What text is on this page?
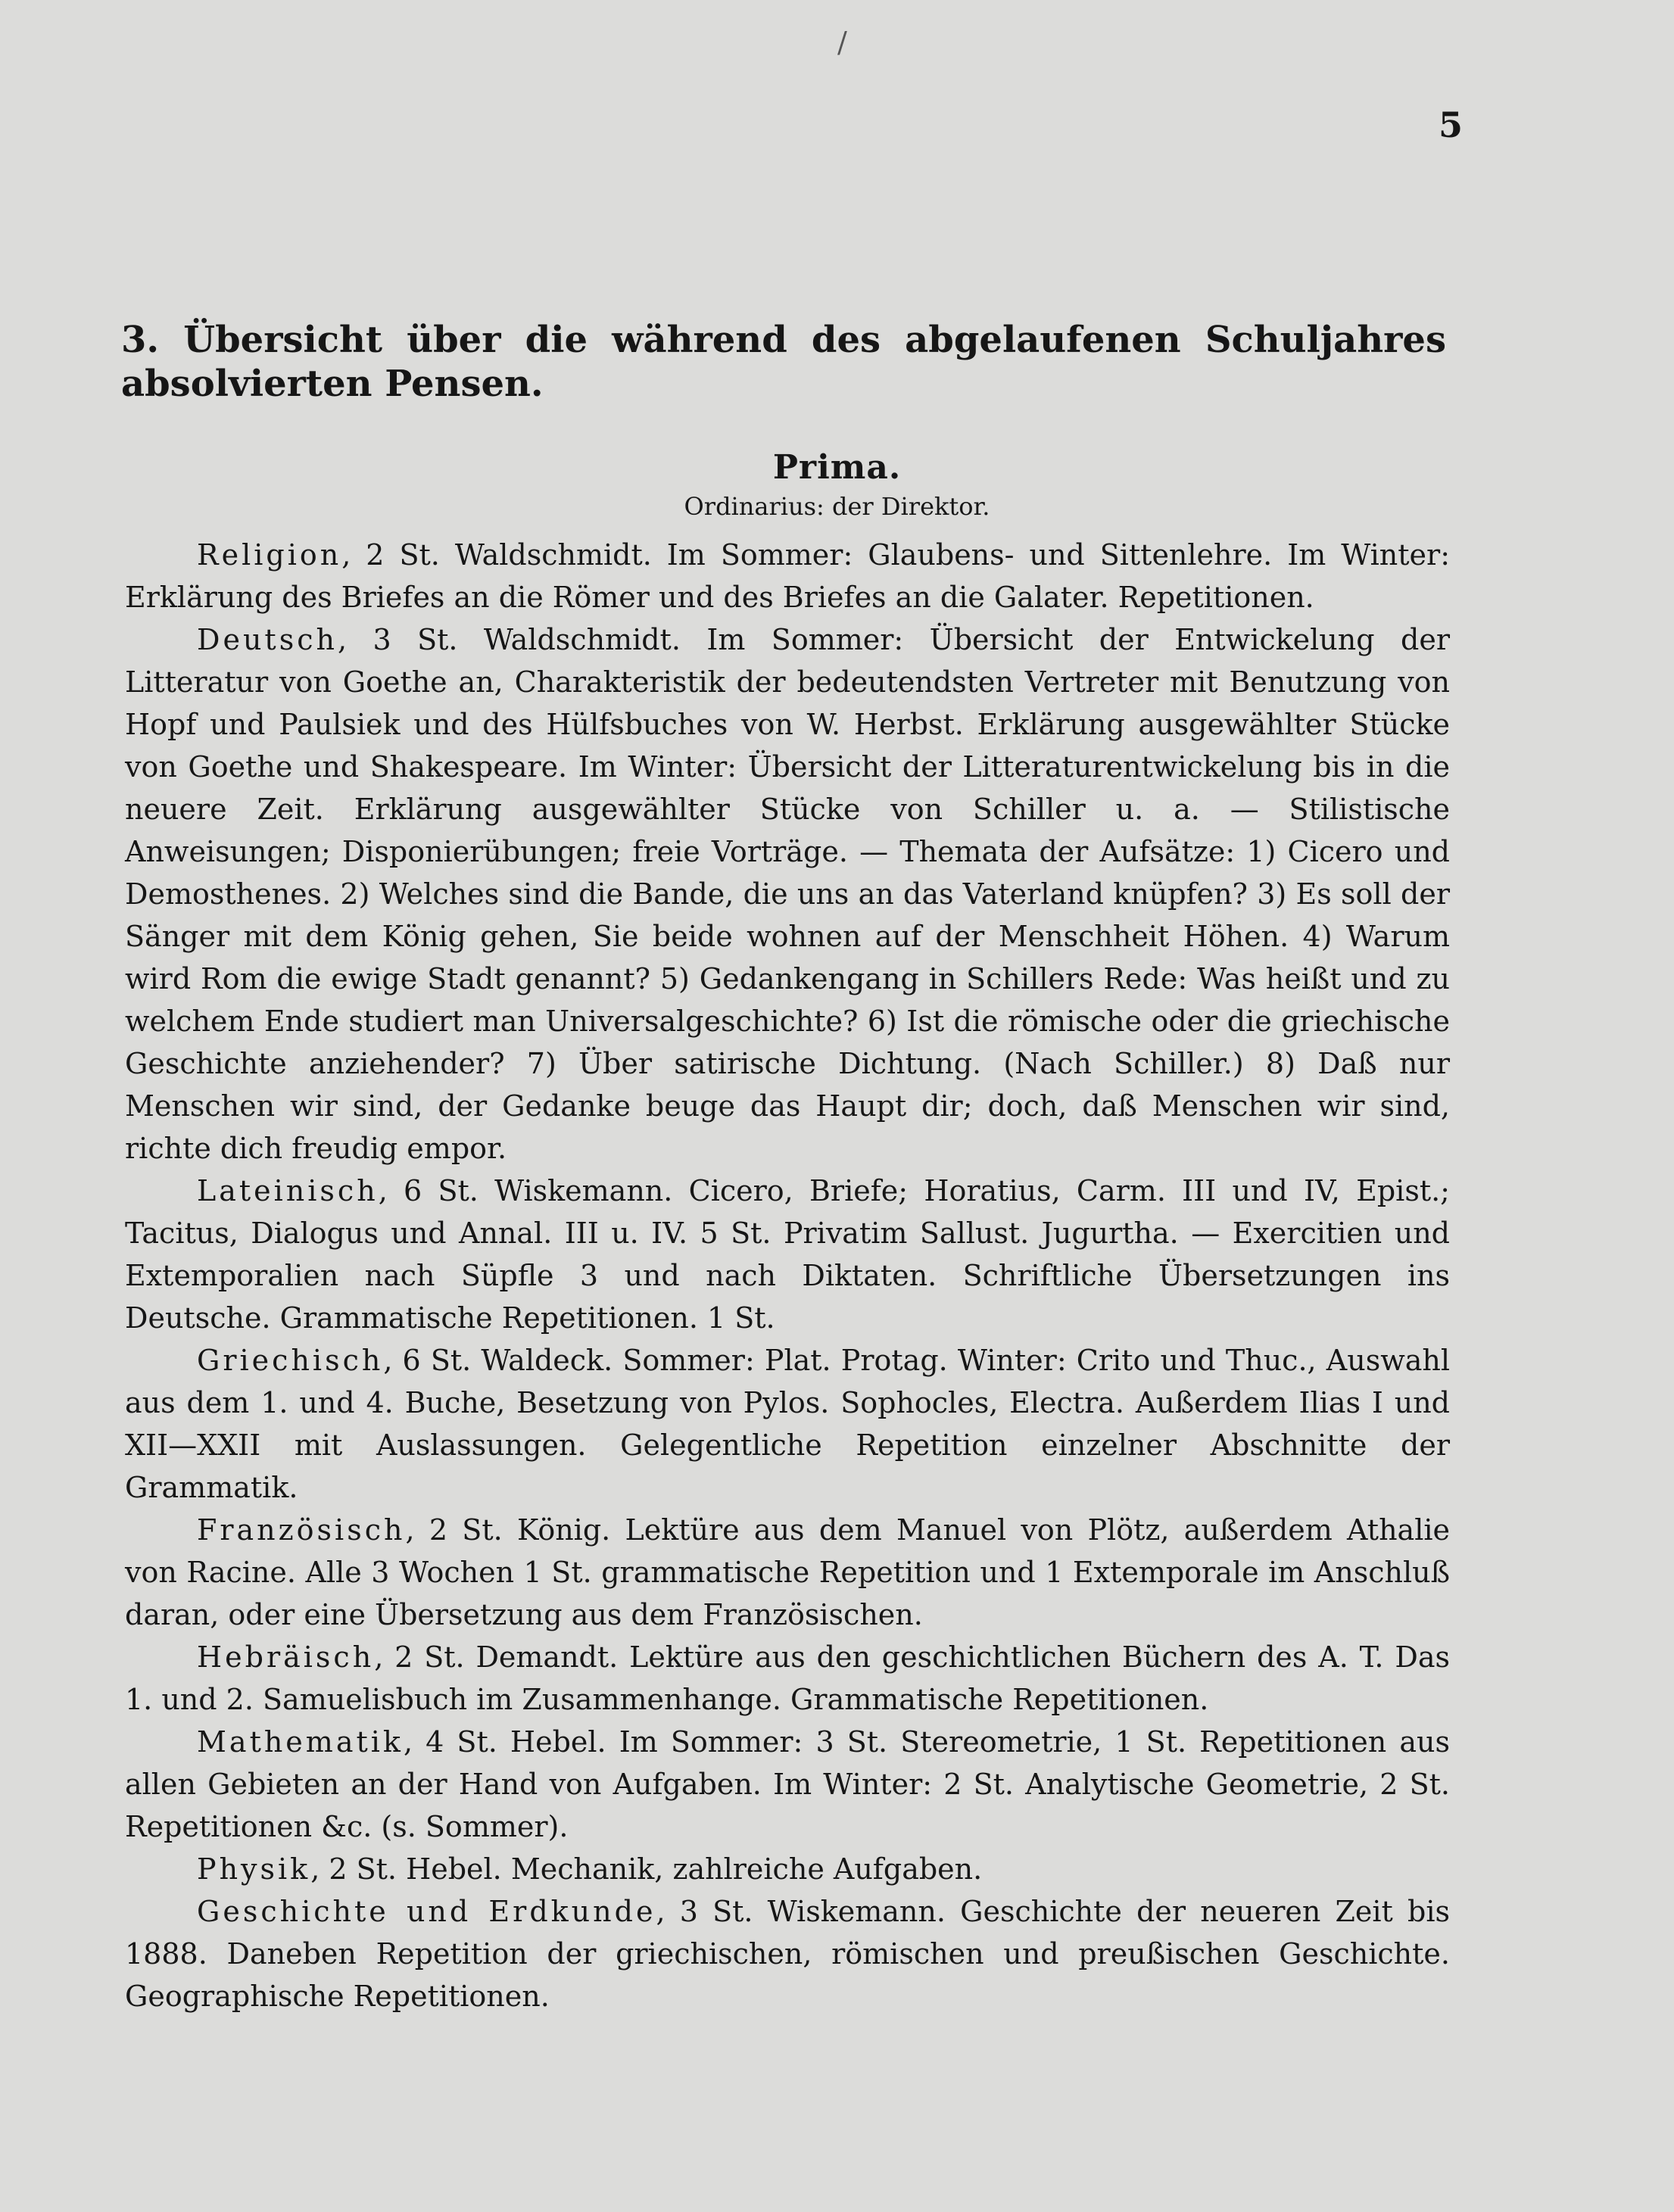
/
5
3. Übersicht über die während des abgelaufenen Schuljahres absolvierten Pensen.
Prima.
Ordinarius: der Direktor.

Religion, 2 St. Waldschmidt. Im Sommer: Glaubens- und Sittenlehre. Im Winter: Erklärung des Briefes an die Römer und des Briefes an die Galater. Repetitionen.

Deutsch, 3 St. Waldschmidt. Im Sommer: Übersicht der Entwickelung der Litteratur von Goethe an, Charakteristik der bedeutendsten Vertreter mit Benutzung von Hopf und Paulsiek und des Hülfsbuches von W. Herbst. Erklärung ausgewählter Stücke von Goethe und Shakespeare. Im Winter: Übersicht der Litteraturentwickelung bis in die neuere Zeit. Erklärung ausgewählter Stücke von Schiller u. a. — Stilistische Anweisungen; Disponierübungen; freie Vorträge. — Themata der Aufsätze: 1) Cicero und Demosthenes. 2) Welches sind die Bande, die uns an das Vaterland knüpfen? 3) Es soll der Sänger mit dem König gehen, Sie beide wohnen auf der Menschheit Höhen. 4) Warum wird Rom die ewige Stadt genannt? 5) Gedankengang in Schillers Rede: Was heißt und zu welchem Ende studiert man Universalgeschichte? 6) Ist die römische oder die griechische Geschichte anziehender? 7) Über satirische Dichtung. (Nach Schiller.) 8) Daß nur Menschen wir sind, der Gedanke beuge das Haupt dir; doch, daß Menschen wir sind, richte dich freudig empor.

Lateinisch, 6 St. Wiskemann. Cicero, Briefe; Horatius, Carm. III und IV, Epist.; Tacitus, Dialogus und Annal. III u. IV. 5 St. Privatim Sallust. Jugurtha. — Exercitien und Extemporalien nach Süpfle 3 und nach Diktaten. Schriftliche Übersetzungen ins Deutsche. Grammatische Repetitionen. 1 St.

Griechisch, 6 St. Waldeck. Sommer: Plat. Protag. Winter: Crito und Thuc., Auswahl aus dem 1. und 4. Buche, Besetzung von Pylos. Sophocles, Electra. Außerdem Ilias I und XII—XXII mit Auslassungen. Gelegentliche Repetition einzelner Abschnitte der Grammatik.

Französisch, 2 St. König. Lektüre aus dem Manuel von Plötz, außerdem Athalie von Racine. Alle 3 Wochen 1 St. grammatische Repetition und 1 Extemporale im Anschluß daran, oder eine Übersetzung aus dem Französischen.

Hebräisch, 2 St. Demandt. Lektüre aus den geschichtlichen Büchern des A. T. Das 1. und 2. Samuelisbuch im Zusammenhange. Grammatische Repetitionen.

Mathematik, 4 St. Hebel. Im Sommer: 3 St. Stereometrie, 1 St. Repetitionen aus allen Gebieten an der Hand von Aufgaben. Im Winter: 2 St. Analytische Geometrie, 2 St. Repetitionen &c. (s. Sommer).

Physik, 2 St. Hebel. Mechanik, zahlreiche Aufgaben.

Geschichte und Erdkunde, 3 St. Wiskemann. Geschichte der neueren Zeit bis 1888. Daneben Repetition der griechischen, römischen und preußischen Geschichte. Geographische Repetitionen.
